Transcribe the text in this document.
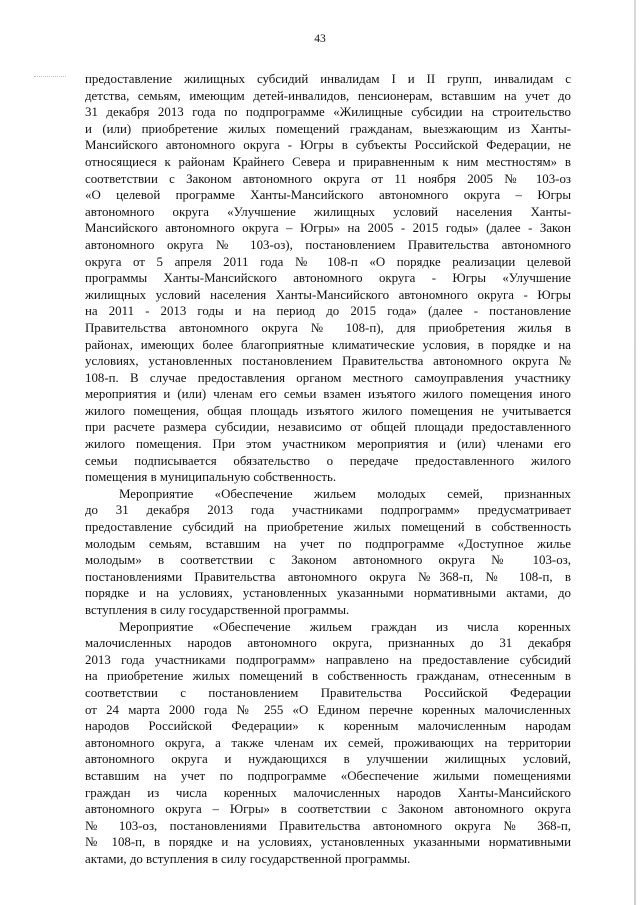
43
предоставление жилищных субсидий инвалидам I и II групп, инвалидам с
детства, семьям, имеющим детей-инвалидов, пенсионерам, вставшим на учет до
31 декабря 2013 года по подпрограмме «Жилищные субсидии на строительство
и (или) приобретение жилых помещений гражданам, выезжающим из Ханты-
Мансийского автономного округа - Югры в субъекты Российской Федерации, не
относящиеся к районам Крайнего Севера и приравненным к ним местностям» в
соответствии с Законом автономного округа от 11 ноября 2005 № 103-оз
«О целевой программе Ханты-Мансийского автономного округа – Югры
автономного округа «Улучшение жилищных условий населения Ханты-
Мансийского автономного округа – Югры» на 2005 - 2015 годы» (далее - Закон
автономного округа № 103-оз), постановлением Правительства автономного
округа от 5 апреля 2011 года № 108-п «О порядке реализации целевой
программы Ханты-Мансийского автономного округа - Югры «Улучшение
жилищных условий населения Ханты-Мансийского автономного округа - Югры
на 2011 - 2013 годы и на период до 2015 года» (далее - постановление
Правительства автономного округа № 108-п), для приобретения жилья в
районах, имеющих более благоприятные климатические условия, в порядке и на
условиях, установленных постановлением Правительства автономного округа №
108-п. В случае предоставления органом местного самоуправления участнику
мероприятия и (или) членам его семьи взамен изъятого жилого помещения иного
жилого помещения, общая площадь изъятого жилого помещения не учитывается
при расчете размера субсидии, независимо от общей площади предоставленного
жилого помещения. При этом участником мероприятия и (или) членами его
семьи подписывается обязательство о передаче предоставленного жилого
помещения в муниципальную собственность.
Мероприятие «Обеспечение жильем молодых семей, признанных
до 31 декабря 2013 года участниками подпрограмм» предусматривает
предоставление субсидий на приобретение жилых помещений в собственность
молодым семьям, вставшим на учет по подпрограмме «Доступное жилье
молодым» в соответствии с Законом автономного округа № 103-оз,
постановлениями Правительства автономного округа №368-п, № 108-п, в
порядке и на условиях, установленных указанными нормативными актами, до
вступления в силу государственной программы.
Мероприятие «Обеспечение жильем граждан из числа коренных
малочисленных народов автономного округа, признанных до 31 декабря
2013 года участниками подпрограмм» направлено на предоставление субсидий
на приобретение жилых помещений в собственность гражданам, отнесенным в
соответствии с постановлением Правительства Российской Федерации
от 24 марта 2000 года № 255 «О Едином перечне коренных малочисленных
народов Российской Федерации» к коренным малочисленным народам
автономного округа, а также членам их семей, проживающих на территории
автономного округа и нуждающихся в улучшении жилищных условий,
вставшим на учет по подпрограмме «Обеспечение жилыми помещениями
граждан из числа коренных малочисленных народов Ханты-Мансийского
автономного округа – Югры» в соответствии с Законом автономного округа
№ 103-оз, постановлениями Правительства автономного округа № 368-п,
№ 108-п, в порядке и на условиях, установленных указанными нормативными
актами, до вступления в силу государственной программы.
